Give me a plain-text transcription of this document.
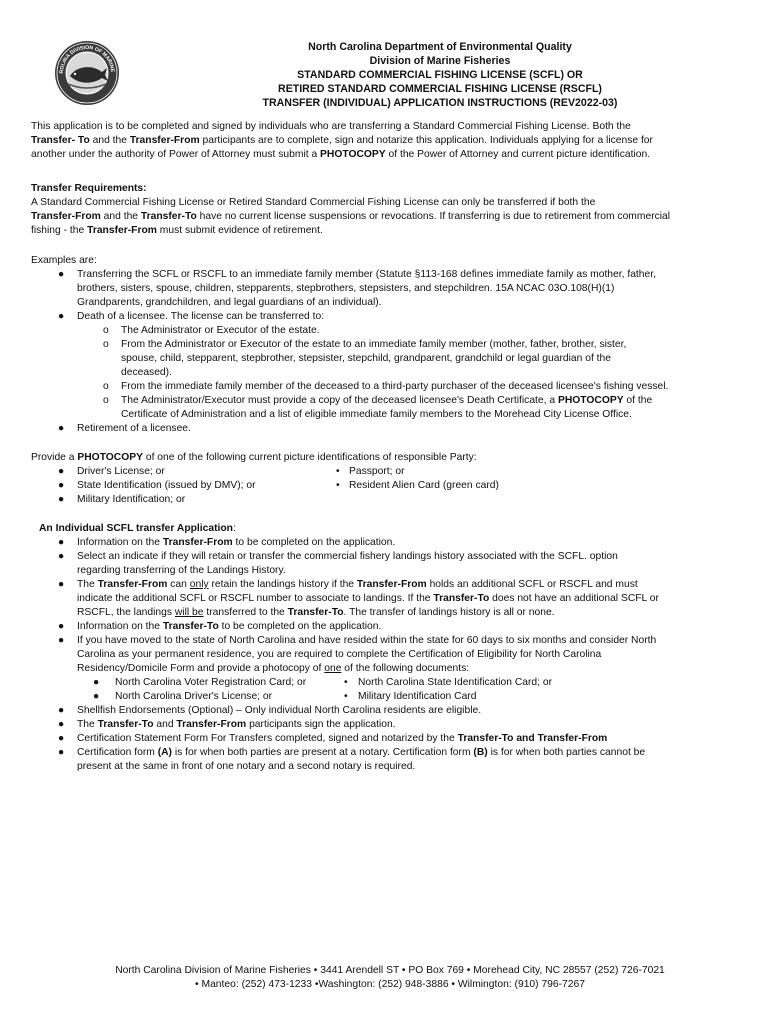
ROLINA DIVISION OF MARINE
North Carolina Department of Environmental Quality
Division of Marine Fisheries
STANDARD COMMERCIAL FISHING LICENSE (SCFL) OR
RETIRED STANDARD COMMERCIAL FISHING LICENSE (RSCFL)
TRANSFER (INDIVIDUAL) APPLICATION INSTRUCTIONS (REV2022-03)

This application is to be completed and signed by individuals who are transferring a Standard Commercial Fishing License. Both the

Transfer- To and the Transfer-From participants are to complete, sign and notarize this application. Individuals applying for a license for

another under the authority of Power of Attorney must submit a PHOTOCOPY of the Power of Attorney and current picture identification.

Transfer Requirements:

A Standard Commercial Fishing License or Retired Standard Commercial Fishing License can only be transferred if both the

Transfer-From and the Transfer-To have no current license suspensions or revocations. If transferring is due to retirement from commercial

fishing - the Transfer-From must submit evidence of retirement.

Examples are:

● Transferring the SCFL or RSCFL to an immediate family member (Statute §113-168 defines immediate family as mother, father,

brothers, sisters, spouse, children, stepparents, stepbrothers, stepsisters, and stepchildren. 15A NCAC 03O.108(H)(1)

Grandparents, grandchildren, and legal guardians of an individual).

● Death of a licensee. The license can be transferred to:

o The Administrator or Executor of the estate.

o From the Administrator or Executor of the estate to an immediate family member (mother, father, brother, sister,

spouse, child, stepparent, stepbrother, stepsister, stepchild, grandparent, grandchild or legal guardian of the

deceased).

o From the immediate family member of the deceased to a third-party purchaser of the deceased licensee's fishing vessel.

o The Administrator/Executor must provide a copy of the deceased licensee's Death Certificate, a PHOTOCOPY of the

Certificate of Administration and a list of eligible immediate family members to the Morehead City License Office.

● Retirement of a licensee.

Provide a PHOTOCOPY of one of the following current picture identifications of responsible Party:

● Driver's License; or	• Passport; or
● State Identification (issued by DMV); or	• Resident Alien Card (green card)
● Military Identification; or

An Individual SCFL transfer Application:

● Information on the Transfer-From to be completed on the application.

● Select an indicate if they will retain or transfer the commercial fishery landings history associated with the SCFL. option

regarding transferring of the Landings History.

● The Transfer-From can only retain the landings history if the Transfer-From holds an additional SCFL or RSCFL and must

indicate the additional SCFL or RSCFL number to associate to landings. If the Transfer-To does not have an additional SCFL or

RSCFL, the landings will be transferred to the Transfer-To. The transfer of landings history is all or none.

● Information on the Transfer-To to be completed on the application.

● If you have moved to the state of North Carolina and have resided within the state for 60 days to six months and consider North

Carolina as your permanent residence, you are required to complete the Certification of Eligibility for North Carolina

Residency/Domicile Form and provide a photocopy of one of the following documents:

● North Carolina Voter Registration Card; or	• North Carolina State Identification Card; or
● North Carolina Driver's License; or	• Military Identification Card
● Shellfish Endorsements (Optional) – Only individual North Carolina residents are eligible.

● The Transfer-To and Transfer-From participants sign the application.

● Certification Statement Form For Transfers completed, signed and notarized by the Transfer-To and Transfer-From

● Certification form (A) is for when both parties are present at a notary. Certification form (B) is for when both parties cannot be

present at the same in front of one notary and a second notary is required.

North Carolina Division of Marine Fisheries • 3441 Arendell ST • PO Box 769 • Morehead City, NC 28557 (252) 726-7021
• Manteo: (252) 473-1233 •Washington: (252) 948-3886 • Wilmington: (910) 796-7267
